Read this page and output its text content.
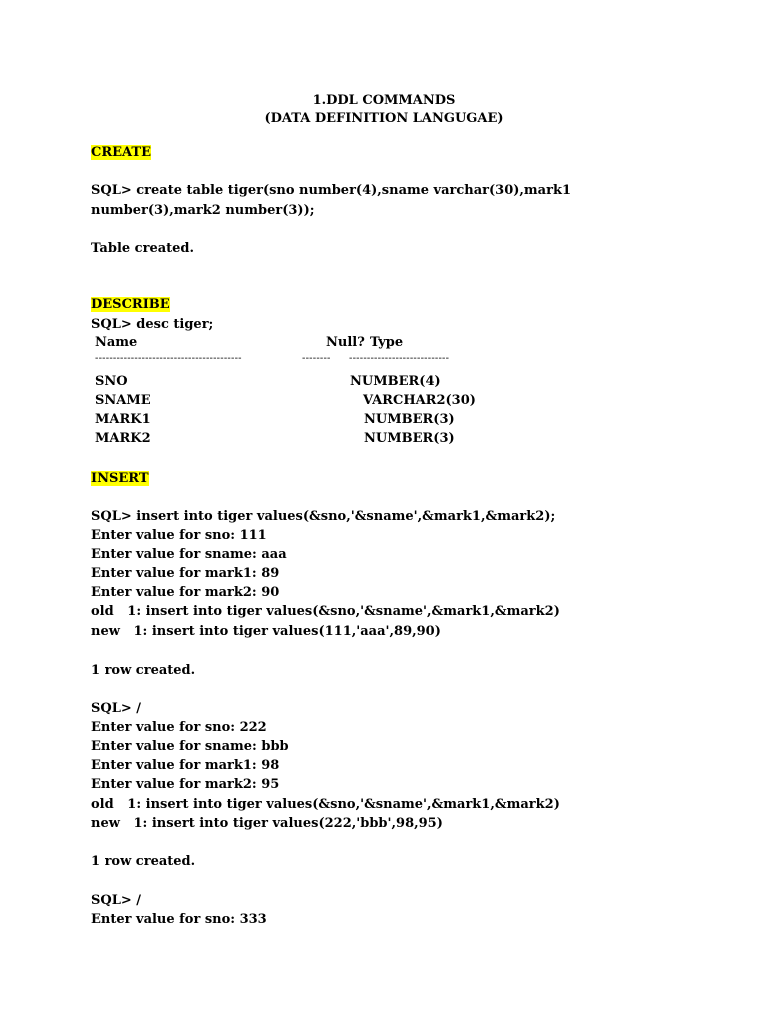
1.DDL COMMANDS
(DATA DEFINITION LANGUGAE)
CREATE
SQL> create table tiger(sno number(4),sname varchar(30),mark1
number(3),mark2 number(3));
Table created.
DESCRIBE
SQL> desc tiger;
Name	Null? Type
-----------------------------------------	-------- ----------------------------
SNO	NUMBER(4)
SNAME	VARCHAR2(30)
MARK1	NUMBER(3)
MARK2	NUMBER(3)
INSERT
SQL> insert into tiger values(&sno,'&sname',&mark1,&mark2);
Enter value for sno: 111
Enter value for sname: aaa
Enter value for mark1: 89
Enter value for mark2: 90
old   1: insert into tiger values(&sno,'&sname',&mark1,&mark2)
new   1: insert into tiger values(111,'aaa',89,90)
1 row created.
SQL> /
Enter value for sno: 222
Enter value for sname: bbb
Enter value for mark1: 98
Enter value for mark2: 95
old   1: insert into tiger values(&sno,'&sname',&mark1,&mark2)
new   1: insert into tiger values(222,'bbb',98,95)
1 row created.
SQL> /
Enter value for sno: 333
